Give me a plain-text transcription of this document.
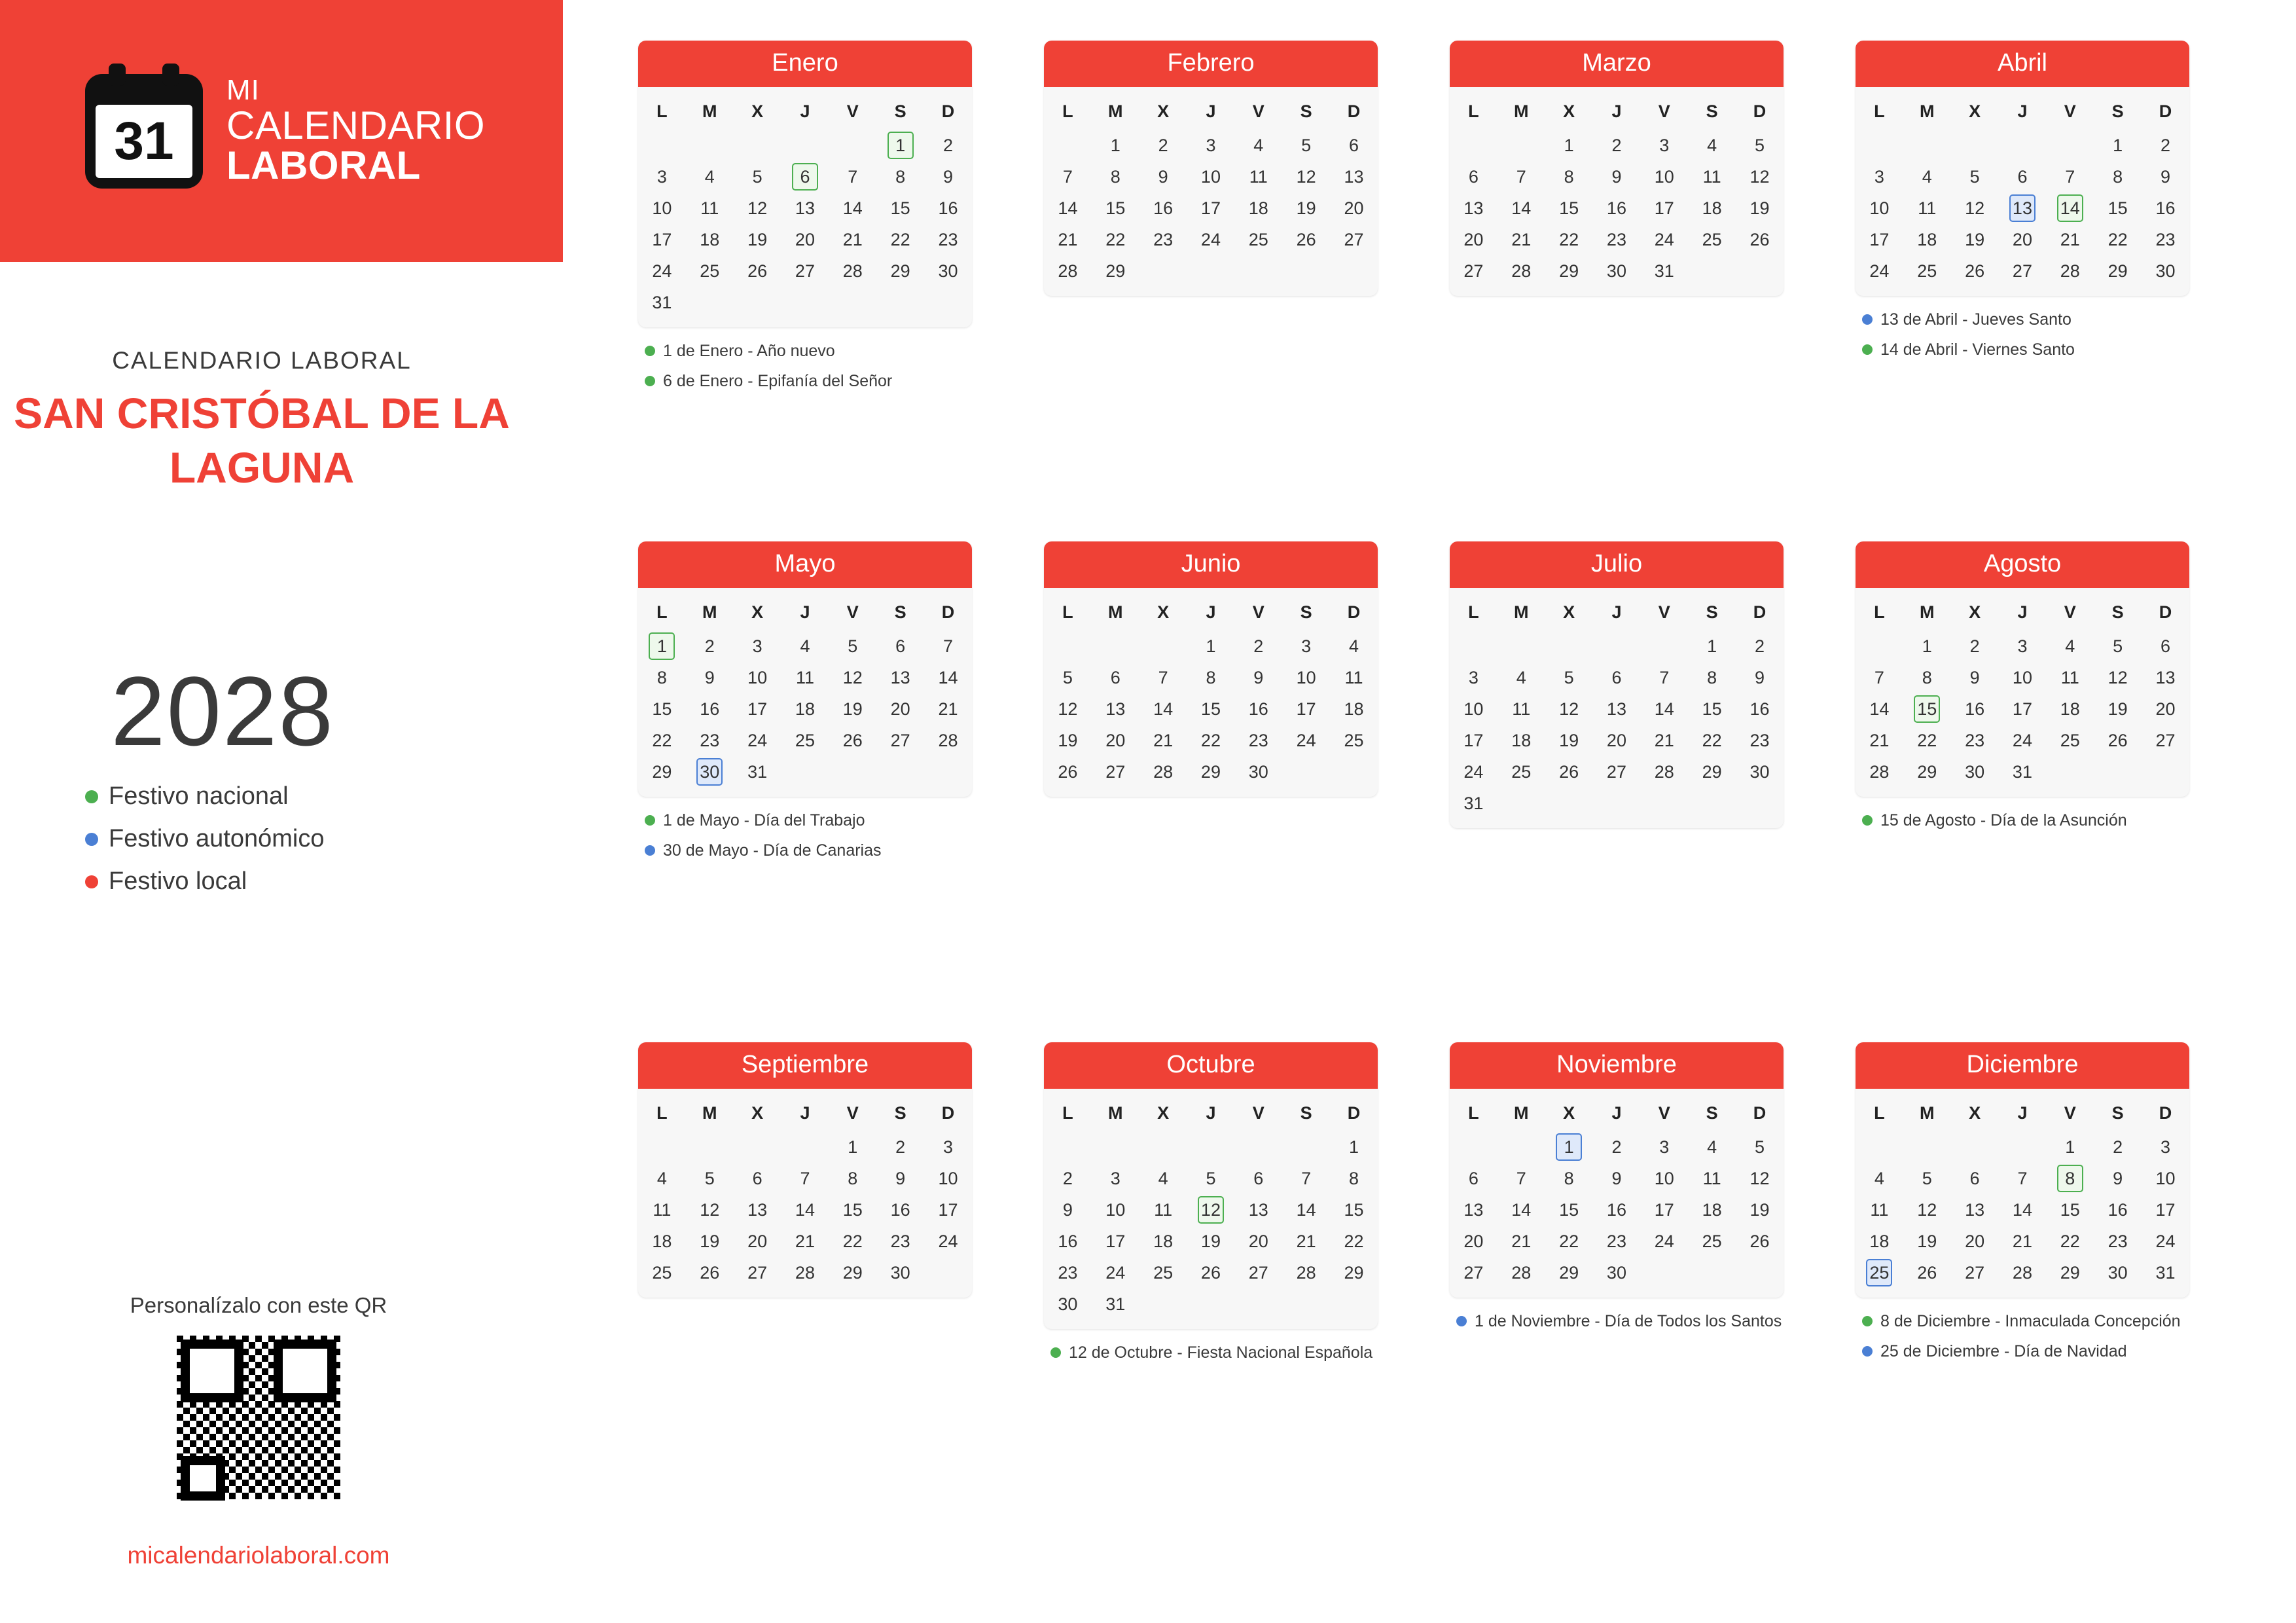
31
MI
CALENDARIO
LABORAL
CALENDARIO LABORAL
SAN CRISTÓBAL DE LA LAGUNA
2028
Festivo nacional
Festivo autonómico
Festivo local
Personalízalo con este QR
micalendariolaboral.com
Enero
L	M	X	J	V	S	D
					1	2
3	4	5	6	7	8	9
10	11	12	13	14	15	16
17	18	19	20	21	22	23
24	25	26	27	28	29	30
31						
1 de Enero - Año nuevo
6 de Enero - Epifanía del Señor
Febrero
L	M	X	J	V	S	D
	1	2	3	4	5	6
7	8	9	10	11	12	13
14	15	16	17	18	19	20
21	22	23	24	25	26	27
28	29					
Marzo
L	M	X	J	V	S	D
		1	2	3	4	5
6	7	8	9	10	11	12
13	14	15	16	17	18	19
20	21	22	23	24	25	26
27	28	29	30	31		
Abril
L	M	X	J	V	S	D
					1	2
3	4	5	6	7	8	9
10	11	12	13	14	15	16
17	18	19	20	21	22	23
24	25	26	27	28	29	30
13 de Abril - Jueves Santo
14 de Abril - Viernes Santo
Mayo
L	M	X	J	V	S	D
1	2	3	4	5	6	7
8	9	10	11	12	13	14
15	16	17	18	19	20	21
22	23	24	25	26	27	28
29	30	31				
1 de Mayo - Día del Trabajo
30 de Mayo - Día de Canarias
Junio
L	M	X	J	V	S	D
			1	2	3	4
5	6	7	8	9	10	11
12	13	14	15	16	17	18
19	20	21	22	23	24	25
26	27	28	29	30		
Julio
L	M	X	J	V	S	D
					1	2
3	4	5	6	7	8	9
10	11	12	13	14	15	16
17	18	19	20	21	22	23
24	25	26	27	28	29	30
31						
Agosto
L	M	X	J	V	S	D
	1	2	3	4	5	6
7	8	9	10	11	12	13
14	15	16	17	18	19	20
21	22	23	24	25	26	27
28	29	30	31			
15 de Agosto - Día de la Asunción
Septiembre
L	M	X	J	V	S	D
				1	2	3
4	5	6	7	8	9	10
11	12	13	14	15	16	17
18	19	20	21	22	23	24
25	26	27	28	29	30	
Octubre
L	M	X	J	V	S	D
						1
2	3	4	5	6	7	8
9	10	11	12	13	14	15
16	17	18	19	20	21	22
23	24	25	26	27	28	29
30	31					
12 de Octubre - Fiesta Nacional Española
Noviembre
L	M	X	J	V	S	D
		1	2	3	4	5
6	7	8	9	10	11	12
13	14	15	16	17	18	19
20	21	22	23	24	25	26
27	28	29	30			
1 de Noviembre - Día de Todos los Santos
Diciembre
L	M	X	J	V	S	D
				1	2	3
4	5	6	7	8	9	10
11	12	13	14	15	16	17
18	19	20	21	22	23	24
25	26	27	28	29	30	31
8 de Diciembre - Inmaculada Concepción
25 de Diciembre - Día de Navidad
